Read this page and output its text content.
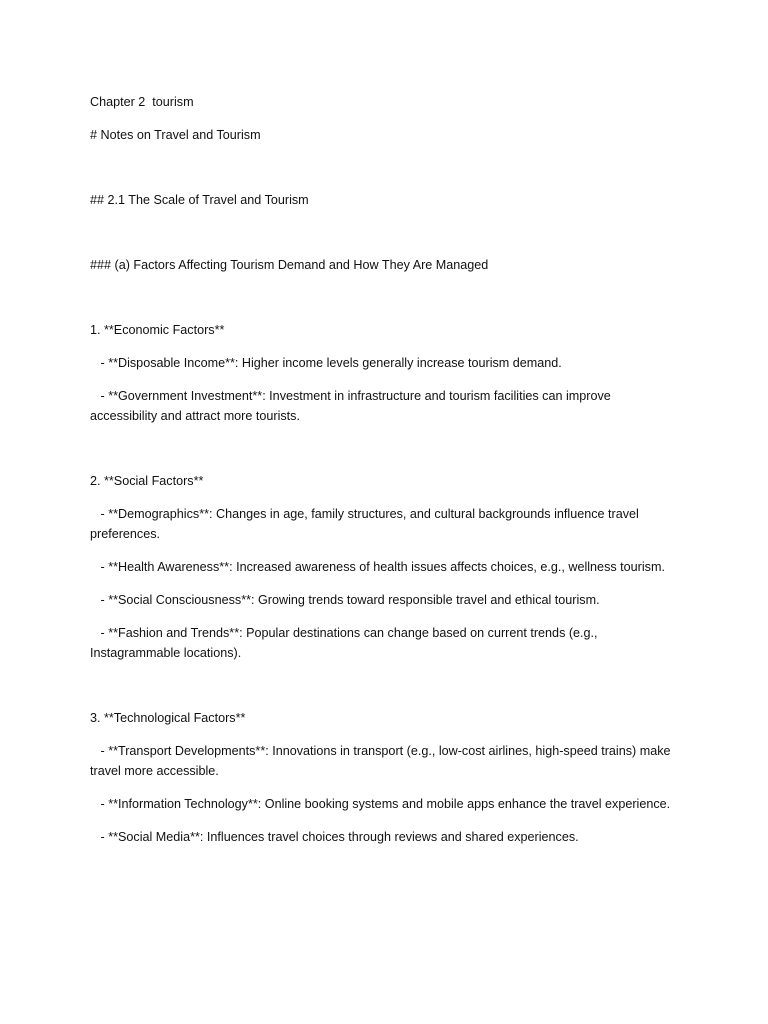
Chapter 2  tourism

# Notes on Travel and Tourism

## 2.1 The Scale of Travel and Tourism

### (a) Factors Affecting Tourism Demand and How They Are Managed

1. **Economic Factors**

- **Disposable Income**: Higher income levels generally increase tourism demand.

- **Government Investment**: Investment in infrastructure and tourism facilities can improve accessibility and attract more tourists.

2. **Social Factors**

- **Demographics**: Changes in age, family structures, and cultural backgrounds influence travel preferences.

- **Health Awareness**: Increased awareness of health issues affects choices, e.g., wellness tourism.

- **Social Consciousness**: Growing trends toward responsible travel and ethical tourism.

- **Fashion and Trends**: Popular destinations can change based on current trends (e.g., Instagrammable locations).

3. **Technological Factors**

- **Transport Developments**: Innovations in transport (e.g., low-cost airlines, high-speed trains) make travel more accessible.

- **Information Technology**: Online booking systems and mobile apps enhance the travel experience.

- **Social Media**: Influences travel choices through reviews and shared experiences.
